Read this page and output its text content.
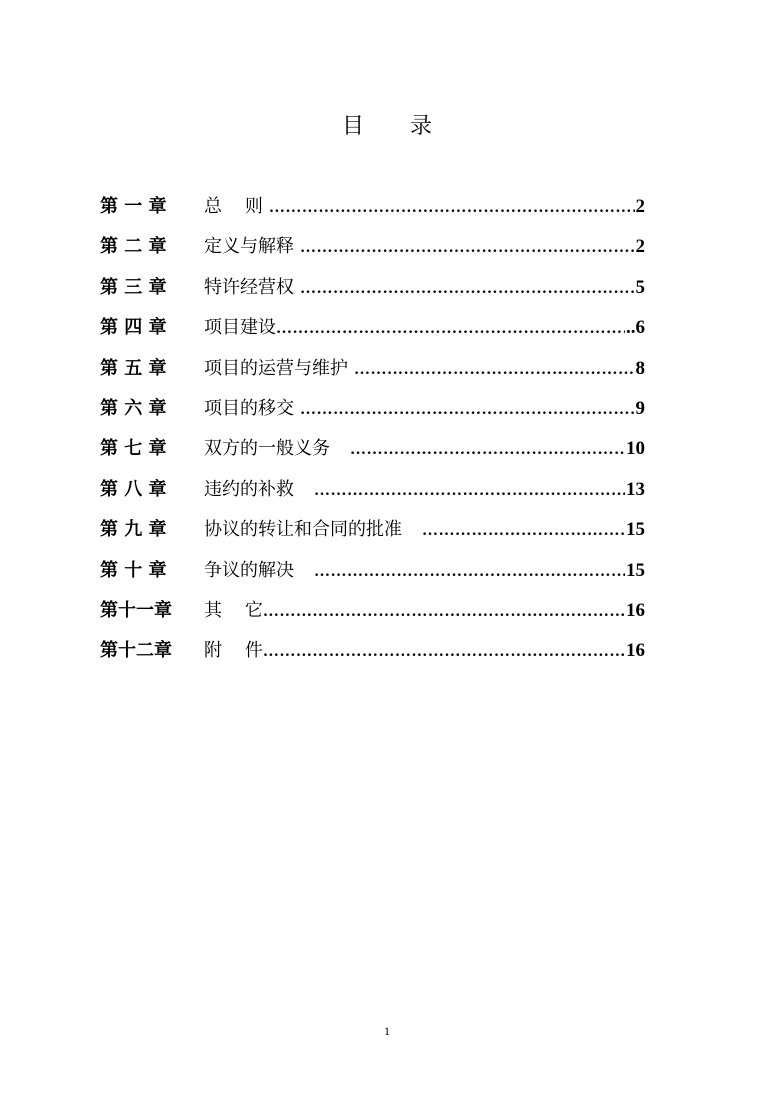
目 录
第 一 章	总    则 ………………………………………………………………………………………………………………	2
第 二 章	定义与解释 ………………………………………………………………………………………………………………	2
第 三 章	特许经营权 ………………………………………………………………………………………………………………	5
第 四 章	项目建设 ………………………………………………………………………………………………………………	..6
第 五 章	项目的运营与维护 ………………………………………………………………………………………………………………	8
第 六 章	项目的移交 ………………………………………………………………………………………………………………	9
第 七 章	双方的一般义务 ………………………………………………………………………………………………………………	10
第 八 章	违约的补救 ………………………………………………………………………………………………………………	13
第 九 章	协议的转让和合同的批准 ………………………………………………………………………………………………………………	15
第 十 章	争议的解决 ………………………………………………………………………………………………………………	15
第十一章	其    它 ………………………………………………………………………………………………………………	16
第十二章	附    件 ………………………………………………………………………………………………………………	16
1
